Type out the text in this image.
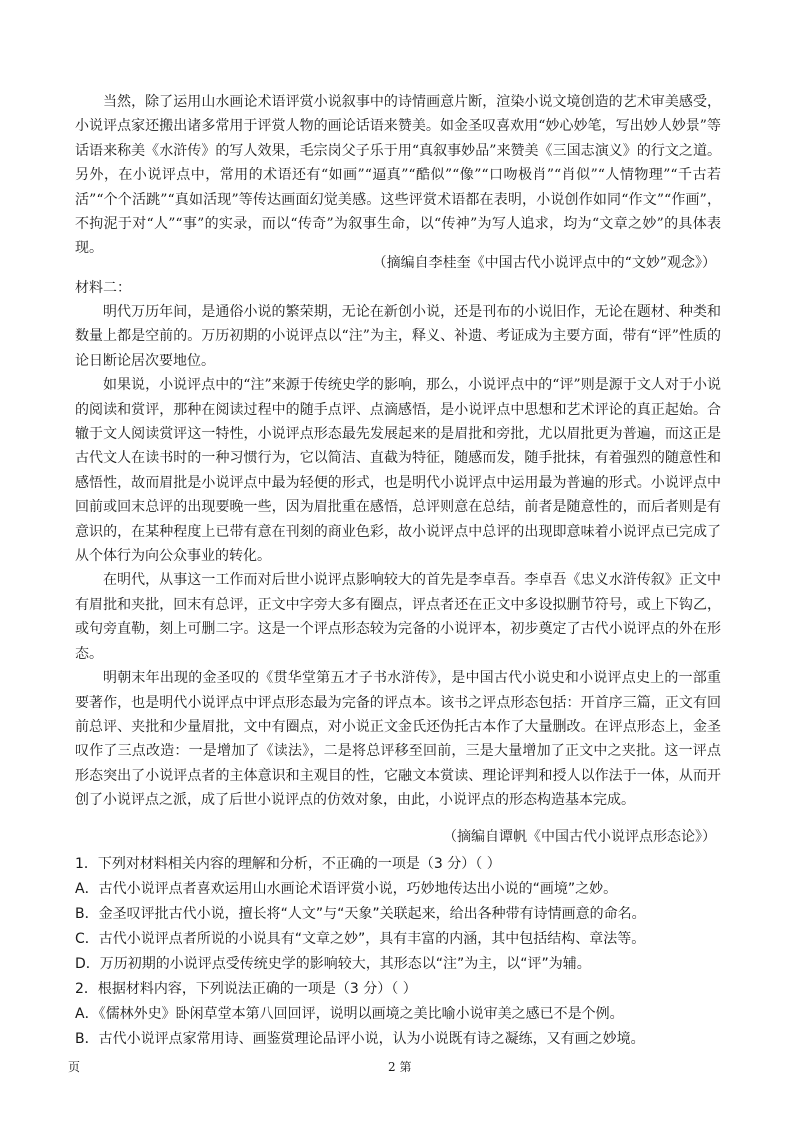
当然，除了运用山水画论术语评赏小说叙事中的诗情画意片断，渲染小说文境创造的艺术审美感受，小说评点家还搬出诸多常用于评赏人物的画论话语来赞美。如金圣叹喜欢用“妙心妙笔，写出妙人妙景”等话语来称美《水浒传》的写人效果，毛宗岗父子乐于用“真叙事妙品”来赞美《三国志演义》的行文之道。另外，在小说评点中，常用的术语还有“如画”“逼真”“酷似”“像”“口吻极肖”“肖似”“人情物理”“千古若活”“个个活跳”“真如活现”等传达画面幻觉美感。这些评赏术语都在表明，小说创作如同“作文”“作画”，不拘泥于对“人”“事”的实录，而以“传奇”为叙事生命，以“传神”为写人追求，均为“文章之妙”的具体表现。

（摘编自李桂奎《中国古代小说评点中的“文妙”观念》）
材料二：

明代万历年间，是通俗小说的繁荣期，无论在新创小说，还是刊布的小说旧作，无论在题材、种类和数量上都是空前的。万历初期的小说评点以“注”为主，释义、补遗、考证成为主要方面，带有“评”性质的论日断论居次要地位。

如果说，小说评点中的“注”来源于传统史学的影响，那么，小说评点中的“评”则是源于文人对于小说的阅读和赏评，那种在阅读过程中的随手点评、点滴感悟，是小说评点中思想和艺术评论的真正起始。合辙于文人阅读赏评这一特性，小说评点形态最先发展起来的是眉批和旁批，尤以眉批更为普遍，而这正是古代文人在读书时的一种习惯行为，它以简洁、直截为特征，随感而发，随手批抹，有着强烈的随意性和感悟性，故而眉批是小说评点中最为轻便的形式，也是明代小说评点中运用最为普遍的形式。小说评点中回前或回末总评的出现要晚一些，因为眉批重在感悟，总评则意在总结，前者是随意性的，而后者则是有意识的，在某种程度上已带有意在刊刻的商业色彩，故小说评点中总评的出现即意味着小说评点已完成了从个体行为向公众事业的转化。

在明代，从事这一工作而对后世小说评点影响较大的首先是李卓吾。李卓吾《忠义水浒传叙》正文中有眉批和夹批，回末有总评，正文中字旁大多有圈点，评点者还在正文中多设拟删节符号，或上下钩乙，或句旁直勒，刻上可删二字。这是一个评点形态较为完备的小说评本，初步奠定了古代小说评点的外在形态。

明朝末年出现的金圣叹的《贯华堂第五才子书水浒传》，是中国古代小说史和小说评点史上的一部重要著作，也是明代小说评点中评点形态最为完备的评点本。该书之评点形态包括：开首序三篇，正文有回前总评、夹批和少量眉批，文中有圈点，对小说正文金氏还伪托古本作了大量删改。在评点形态上，金圣叹作了三点改造：一是增加了《读法》，二是将总评移至回前，三是大量增加了正文中之夹批。这一评点形态突出了小说评点者的主体意识和主观目的性，它融文本赏读、理论评判和授人以作法于一体，从而开创了小说评点之派，成了后世小说评点的仿效对象，由此，小说评点的形态构造基本完成。

（摘编自谭帆《中国古代小说评点形态论》）
1．下列对材料相关内容的理解和分析，不正确的一项是（3 分）（ ）
A．古代小说评点者喜欢运用山水画论术语评赏小说，巧妙地传达出小说的“画境”之妙。
B．金圣叹评批古代小说，擅长将“人文”与“天象”关联起来，给出各种带有诗情画意的命名。
C．古代小说评点者所说的小说具有“文章之妙”，具有丰富的内涵，其中包括结构、章法等。
D．万历初期的小说评点受传统史学的影响较大，其形态以“注”为主，以“评”为辅。
2．根据材料内容，下列说法正确的一项是（3 分）（ ）
A．《儒林外史》卧闲草堂本第八回回评，说明以画境之美比喻小说审美之感已不是个例。
B．古代小说评点家常用诗、画鉴赏理论品评小说，认为小说既有诗之凝练，又有画之妙境。
页	2 第
